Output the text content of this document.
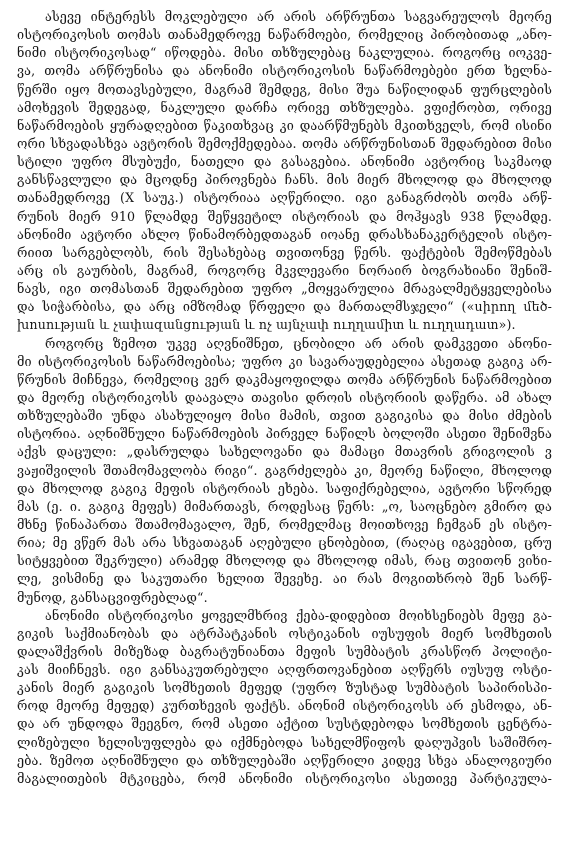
ასევე ინტერესს მოკლებული არ არის არწრუნთა საგვარეულოს მეორე
ისტორიკოსის თომას თანამედროვე ნაწარმოები, რომელიც პირობითად „ანო-
ნიმი ისტორიკოსად“ იწოდება. მისი თხზულებაც ნაკლულია. როგორც იოკვე-
ვა, თომა არწრუნისა და ანონიმი ისტორიკოსის ნაწარმოებები ერთ ხელნა-
წერში იყო მოთავსებული, მაგრამ შემდეგ, მისი შუა ნაწილიდან ფურცლების
ამოხევის შედეგად, ნაკლული დარჩა ორივე თხზულება. ვფიქრობთ, ორივე
ნაწარმოების ყურადღებით წაკითხვაც კი დაარწმუნებს მკითხველს, რომ ისინი
ორი სხვადასხვა ავტორის შემოქმედებაა. თომა არწრუნისთან შედარებით მისი
სტილი უფრო მსუბუქი, ნათელი და გასაგებია. ანონიმი ავტორიც საკმაოდ
განსწავლული და მცოდნე პიროვნება ჩანს. მის მიერ მხოლოდ და მხოლოდ
თანამედროვე (X საუკ.) ისტორიაა აღწერილი. იგი განაგრძობს თომა არწ-
რუნის მიერ 910 წლამდე შეწყვეტილ ისტორიას და მოჰყავს 938 წლამდე.
ანონიმი ავტორი ახლო წინამორბედთაგან იოანე დრასხანაკერტელის ისტო-
რიით სარგებლობს, რის შესახებაც თვითონვე წერს. ფაქტების შემოწმებას
არც ის გაურბის, მაგრამ, როგორც მკვლევარი ნორაირ ბოგრახიანი შენიშ-
ნავს, იგი თომასთან შედარებით უფრო „მოყვარულია მრავალმეტყველებისა
და სიჭარბისა, და არც იმზომად წრფელი და მართალმსჯელი“ («սիրող մեծ-
խոսության և չափազանցության և ոչ այնչափ ուղղամիտ և ուղղադատ»).
როგორც ზემოთ უკვე აღვნიშნეთ, ცნობილი არ არის დამკვეთი ანონი-
მი ისტორიკოსის ნაწარმოებისა; უფრო კი სავარაუდებელია ასეთად გაგიკ არ-
წრუნის მიჩნევა, რომელიც ვერ დაკმაყოფილდა თომა არწრუნის ნაწარმოებით
და მეორე ისტორიკოსს დაავალა თავისი დროის ისტორიის დაწერა. ამ ახალ
თხზულებაში უნდა ასახულიყო მისი მამის, თვით გაგიკისა და მისი ძმების
ისტორია. აღნიშნული ნაწარმოების პირველ ნაწილს ბოლოში ასეთი შენიშვნა
აქვს დაცული: „დასრულდა სახელოვანი და მამაცი მთავრის გრიგოლის ვ
ვაჟიშვილის შთამომავლობა რიგი“. გაგრძელება კი, მეორე ნაწილი, მხოლოდ
და მხოლოდ გაგიკ მეფის ისტორიას ეხება. საფიქრებელია, ავტორი სწორედ
მას (ე. ი. გაგიკ მეფეს) მიმართავს, როდესაც წერს: „ო, საოცნებო გმირო და
მხნე წინაპართა შთამომავალო, შენ, რომელმაც მოითხოვე ჩემგან ეს ისტო-
რია; მე ვწერ მას არა სხვათაგან აღებული ცნობებით, (რაღაც იგავებით, ცრუ
სიტყვებით შეკრული) არამედ მხოლოდ და მხოლოდ იმას, რაც თვითონ ვიხი-
ლე, ვისმინე და საკუთარი ხელით შევეხე. აი რას მოგითხრობ შენ სარწ-
მუნოდ, განსაცვიფრებლად“.
ანონიმი ისტორიკოსი ყოველმხრივ ქება-დიდებით მოიხსენიებს მეფე გა-
გიკის საქმიანობას და ატრპატკანის ოსტიკანის იუსუფის მიერ სომხეთის
დალაშქვრის მიზეზად ბაგრატუნიანთა მეფის სუმბატის კრასწორ პოლიტი-
კას მიიჩნევს. იგი განსაკუთრებული აღფრთოვანებით აღწერს იუსუფ ოსტი-
კანის მიერ გაგიკის სომხეთის მეფედ (უფრო ზუსტად სუმბატის საპირისპი-
როდ მეორე მეფედ) კურთხევის ფაქტს. ანონიმ ისტორიკოსს არ ესმოდა, ან-
და არ უნდოდა შეეგნო, რომ ასეთი აქტით სუსტდებოდა სომხეთის ცენტრა-
ლიზებული ხელისუფლება და იქმნებოდა სახელმწიფოს დაღუპვის საშიშრო-
ება. ზემოთ აღნიშნული და თხზულებაში აღწერილი კიდევ სხვა ანალოგიური
მაგალითების მტკიცება, რომ ანონიმი ისტორიკოსი ასეთივე პარტიკულა-
